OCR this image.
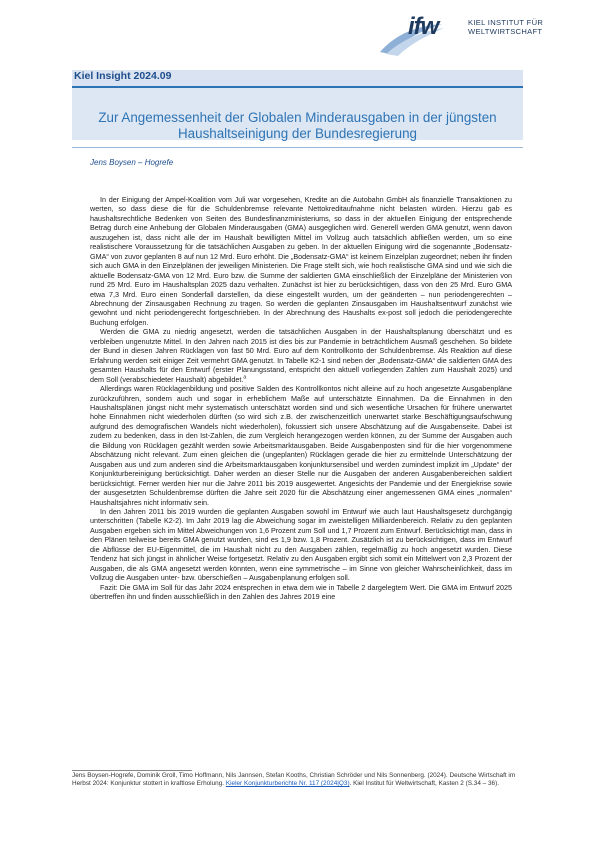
ifw	KIEL INSTITUT FÜR
WELTWIRTSCHAFT
Kiel Insight 2024.09
Zur Angemessenheit der Globalen Minderausgaben in der jüngsten
Haushaltseinigung der Bundesregierung
Jens Boysen – Hogrefe

In der Einigung der Ampel-Koalition vom Juli war vorgesehen, Kredite an die Autobahn GmbH als finanzielle Transaktionen zu werten, so dass diese die für die Schuldenbremse relevante Nettokreditaufnahme nicht belasten würden. Hierzu gab es haushaltsrechtliche Bedenken von Seiten des Bundesfinanzministeriums, so dass in der aktuellen Einigung der entsprechende Betrag durch eine Anhebung der Globalen Minderausgaben (GMA) ausgeglichen wird. Generell werden GMA genutzt, wenn davon auszugehen ist, dass nicht alle der im Haushalt bewilligten Mittel im Vollzug auch tatsächlich abfließen werden, um so eine realistischere Voraussetzung für die tatsächlichen Ausgaben zu geben. In der aktuellen Einigung wird die sogenannte „Bodensatz-GMA“ von zuvor geplanten 8 auf nun 12 Mrd. Euro erhöht. Die „Bodensatz-GMA“ ist keinem Einzelplan zugeordnet; neben ihr finden sich auch GMA in den Einzelplänen der jeweiligen Ministerien. Die Frage stellt sich, wie hoch realistische GMA sind und wie sich die aktuelle Bodensatz-GMA von 12 Mrd. Euro bzw. die Summe der saldierten GMA einschließlich der Einzelpläne der Ministerien von rund 25 Mrd. Euro im Haushaltsplan 2025 dazu verhalten. Zunächst ist hier zu berücksichtigen, dass von den 25 Mrd. Euro GMA etwa 7,3 Mrd. Euro einen Sonderfall darstellen, da diese eingestellt wurden, um der geänderten – nun periodengerechten – Abrechnung der Zinsausgaben Rechnung zu tragen. So werden die geplanten Zinsausgaben im Haushaltsentwurf zunächst wie gewohnt und nicht periodengerecht fortgeschrieben. In der Abrechnung des Haushalts ex-post soll jedoch die periodengerechte Buchung erfolgen.

Werden die GMA zu niedrig angesetzt, werden die tatsächlichen Ausgaben in der Haushaltsplanung überschätzt und es verbleiben ungenutzte Mittel. In den Jahren nach 2015 ist dies bis zur Pandemie in beträchtlichem Ausmaß geschehen. So bildete der Bund in diesen Jahren Rücklagen von fast 50 Mrd. Euro auf dem Kontrollkonto der Schuldenbremse. Als Reaktion auf diese Erfahrung werden seit einiger Zeit vermehrt GMA genutzt. In Tabelle K2-1 sind neben der „Bodensatz-GMA“ die saldierten GMA des gesamten Haushalts für den Entwurf (erster Planungsstand, entspricht den aktuell vorliegenden Zahlen zum Haushalt 2025) und dem Soll (verabschiedeter Haushalt) abgebildet.$^a$

Allerdings waren Rücklagenbildung und positive Salden des Kontrollkontos nicht alleine auf zu hoch angesetzte Ausgabenpläne zurückzuführen, sondern auch und sogar in erheblichem Maße auf unterschätzte Einnahmen. Da die Einnahmen in den Haushaltsplänen jüngst nicht mehr systematisch unterschätzt worden sind und sich wesentliche Ursachen für frühere unerwartet hohe Einnahmen nicht wiederholen dürften (so wird sich z.B. der zwischenzeitlich unerwartet starke Beschäftigungsaufschwung aufgrund des demografischen Wandels nicht wiederholen), fokussiert sich unsere Abschätzung auf die Ausgabenseite. Dabei ist zudem zu bedenken, dass in den Ist-Zahlen, die zum Vergleich herangezogen werden können, zu der Summe der Ausgaben auch die Bildung von Rücklagen gezählt werden sowie Arbeitsmarktausgaben. Beide Ausgabenposten sind für die hier vorgenommene Abschätzung nicht relevant. Zum einen gleichen die (ungeplanten) Rücklagen gerade die hier zu ermittelnde Unterschätzung der Ausgaben aus und zum anderen sind die Arbeitsmarktausgaben konjunktursensibel und werden zumindest implizit im „Update“ der Konjunkturbereinigung berücksichtigt. Daher werden an dieser Stelle nur die Ausgaben der anderen Ausgabenbereichen saldiert berücksichtigt. Ferner werden hier nur die Jahre 2011 bis 2019 ausgewertet. Angesichts der Pandemie und der Energiekrise sowie der ausgesetzten Schuldenbremse dürften die Jahre seit 2020 für die Abschätzung einer angemessenen GMA eines „normalen“ Haushaltsjahres nicht informativ sein.

In den Jahren 2011 bis 2019 wurden die geplanten Ausgaben sowohl im Entwurf wie auch laut Haushaltsgesetz durchgängig unterschritten (Tabelle K2-2). Im Jahr 2019 lag die Abweichung sogar im zweistelligen Milliardenbereich. Relativ zu den geplanten Ausgaben ergeben sich im Mittel Abweichungen von 1,6 Prozent zum Soll und 1,7 Prozent zum Entwurf. Berücksichtigt man, dass in den Plänen teilweise bereits GMA genutzt wurden, sind es 1,9 bzw. 1,8 Prozent. Zusätzlich ist zu berücksichtigen, dass im Entwurf die Abflüsse der EU-Eigenmittel, die im Haushalt nicht zu den Ausgaben zählen, regelmäßig zu hoch angesetzt wurden. Diese Tendenz hat sich jüngst in ähnlicher Weise fortgesetzt. Relativ zu den Ausgaben ergibt sich somit ein Mittelwert von 2,3 Prozent der Ausgaben, die als GMA angesetzt werden könnten, wenn eine symmetrische – im Sinne von gleicher Wahrscheinlichkeit, dass im Vollzug die Ausgaben unter- bzw. überschießen – Ausgabenplanung erfolgen soll.

Fazit: Die GMA im Soll für das Jahr 2024 entsprechen in etwa dem wie in Tabelle 2 dargelegtem Wert. Die GMA im Entwurf 2025 übertreffen ihn und finden ausschließlich in den Zahlen des Jahres 2019 eine

Jens Boysen-Hogrefe, Dominik Groll, Timo Hoffmann, Nils Jannsen, Stefan Kooths, Christian Schröder und Nils Sonnenberg. (2024). Deutsche Wirtschaft im Herbst 2024: Konjunktur stottert in kraftlose Erholung. Kieler Konjunkturberichte Nr. 117 (2024|Q3). Kiel Institut für Weltwirtschaft, Kasten 2 (S.34 – 36).
